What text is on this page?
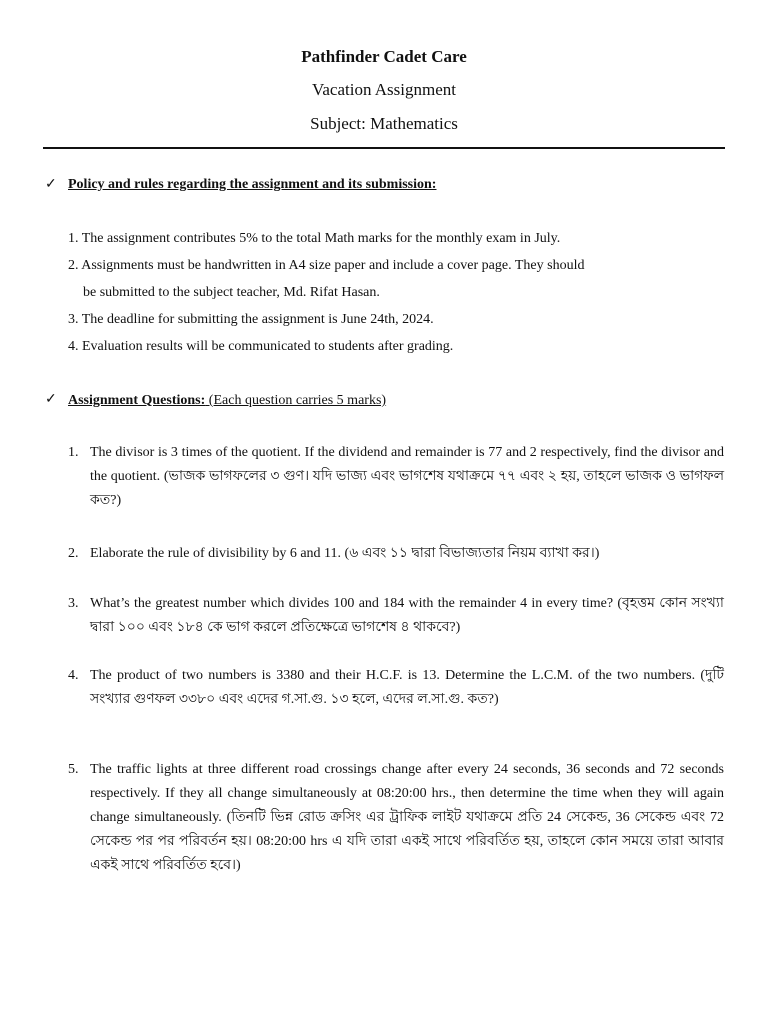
Pathfinder Cadet Care
Vacation Assignment
Subject: Mathematics
✓ Policy and rules regarding the assignment and its submission:
1. The assignment contributes 5% to the total Math marks for the monthly exam in July.
2. Assignments must be handwritten in A4 size paper and include a cover page. They should
be submitted to the subject teacher, Md. Rifat Hasan.
3. The deadline for submitting the assignment is June 24th, 2024.
4. Evaluation results will be communicated to students after grading.
✓ Assignment Questions: (Each question carries 5 marks)
1. The divisor is 3 times of the quotient. If the dividend and remainder is 77 and 2 respectively, find the divisor and the quotient. (ভাজক ভাগফলের ৩ গুণ। যদি ভাজ্য এবং ভাগশেষ যথাক্রমে ৭৭ এবং ২ হয়, তাহলে ভাজক ও ভাগফল কত?)
2. Elaborate the rule of divisibility by 6 and 11. (৬ এবং ১১ দ্বারা বিভাজ্যতার নিয়ম ব্যাখা কর।)
3. What’s the greatest number which divides 100 and 184 with the remainder 4 in every time? (বৃহত্তম কোন সংখ্যা দ্বারা ১০০ এবং ১৮৪ কে ভাগ করলে প্রতিক্ষেত্রে ভাগশেষ ৪ থাকবে?)
4. The product of two numbers is 3380 and their H.C.F. is 13. Determine the L.C.M. of the two numbers. (দুটি সংখ্যার গুণফল ৩৩৮০ এবং এদের গ.সা.গু. ১৩ হলে, এদের ল.সা.গু. কত?)
5. The traffic lights at three different road crossings change after every 24 seconds, 36 seconds and 72 seconds respectively. If they all change simultaneously at 08:20:00 hrs., then determine the time when they will again change simultaneously. (তিনটি ভিন্ন রোড ক্রসিং এর ট্রাফিক লাইট যথাক্রমে প্রতি 24 সেকেন্ড, 36 সেকেন্ড এবং 72 সেকেন্ড পর পর পরিবর্তন হয়। 08:20:00 hrs এ যদি তারা একই সাথে পরিবর্তিত হয়, তাহলে কোন সময়ে তারা আবার একই সাথে পরিবর্তিত হবে।)
